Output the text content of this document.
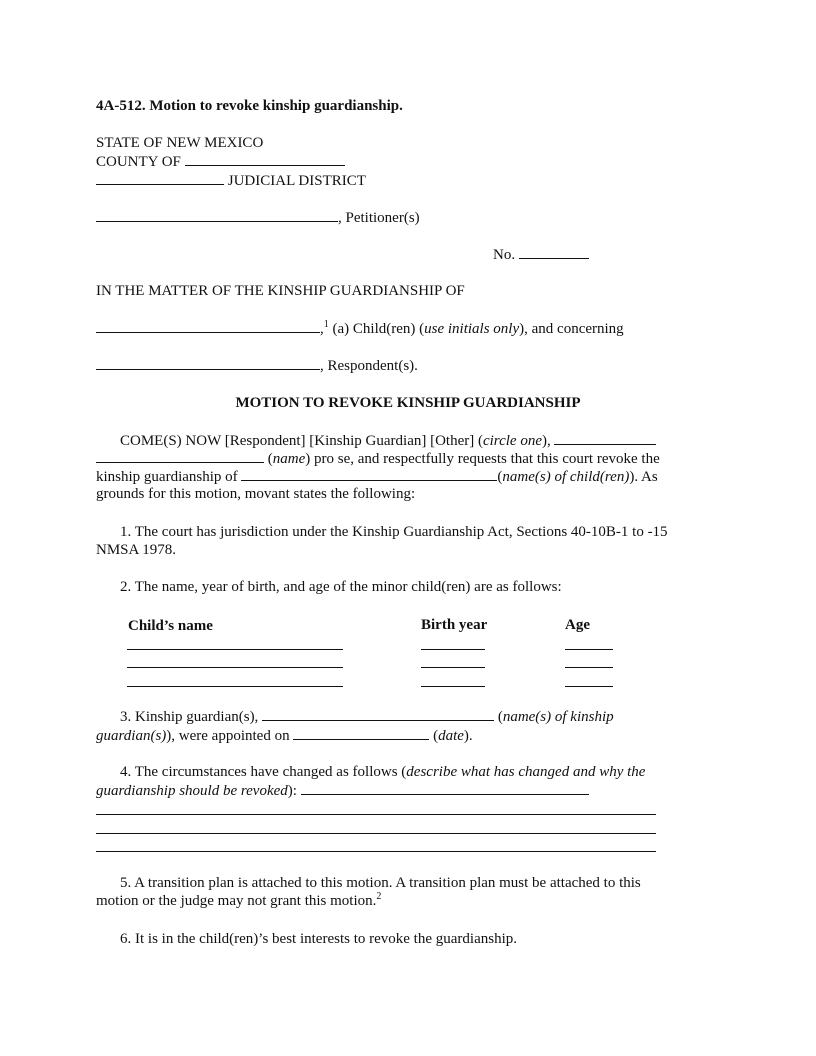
4A-512. Motion to revoke kinship guardianship.
STATE OF NEW MEXICO
COUNTY OF
JUDICIAL DISTRICT
, Petitioner(s)
No.
IN THE MATTER OF THE KINSHIP GUARDIANSHIP OF
,$^1$ (a) Child(ren) (use initials only), and concerning
, Respondent(s).
MOTION TO REVOKE KINSHIP GUARDIANSHIP
COME(S) NOW [Respondent] [Kinship Guardian] [Other] (circle one),
(name) pro se, and respectfully requests that this court revoke the
kinship guardianship of	(name(s) of child(ren)). As
grounds for this motion, movant states the following:
1. The court has jurisdiction under the Kinship Guardianship Act, Sections 40-10B-1 to -15
NMSA 1978.
2. The name, year of birth, and age of the minor child(ren) are as follows:
Child’s name	Birth year	Age
3. Kinship guardian(s),	(name(s) of kinship
guardian(s)), were appointed on	(date).
4. The circumstances have changed as follows (describe what has changed and why the
guardianship should be revoked):
5. A transition plan is attached to this motion. A transition plan must be attached to this
motion or the judge may not grant this motion.$^2$
6. It is in the child(ren)’s best interests to revoke the guardianship.
